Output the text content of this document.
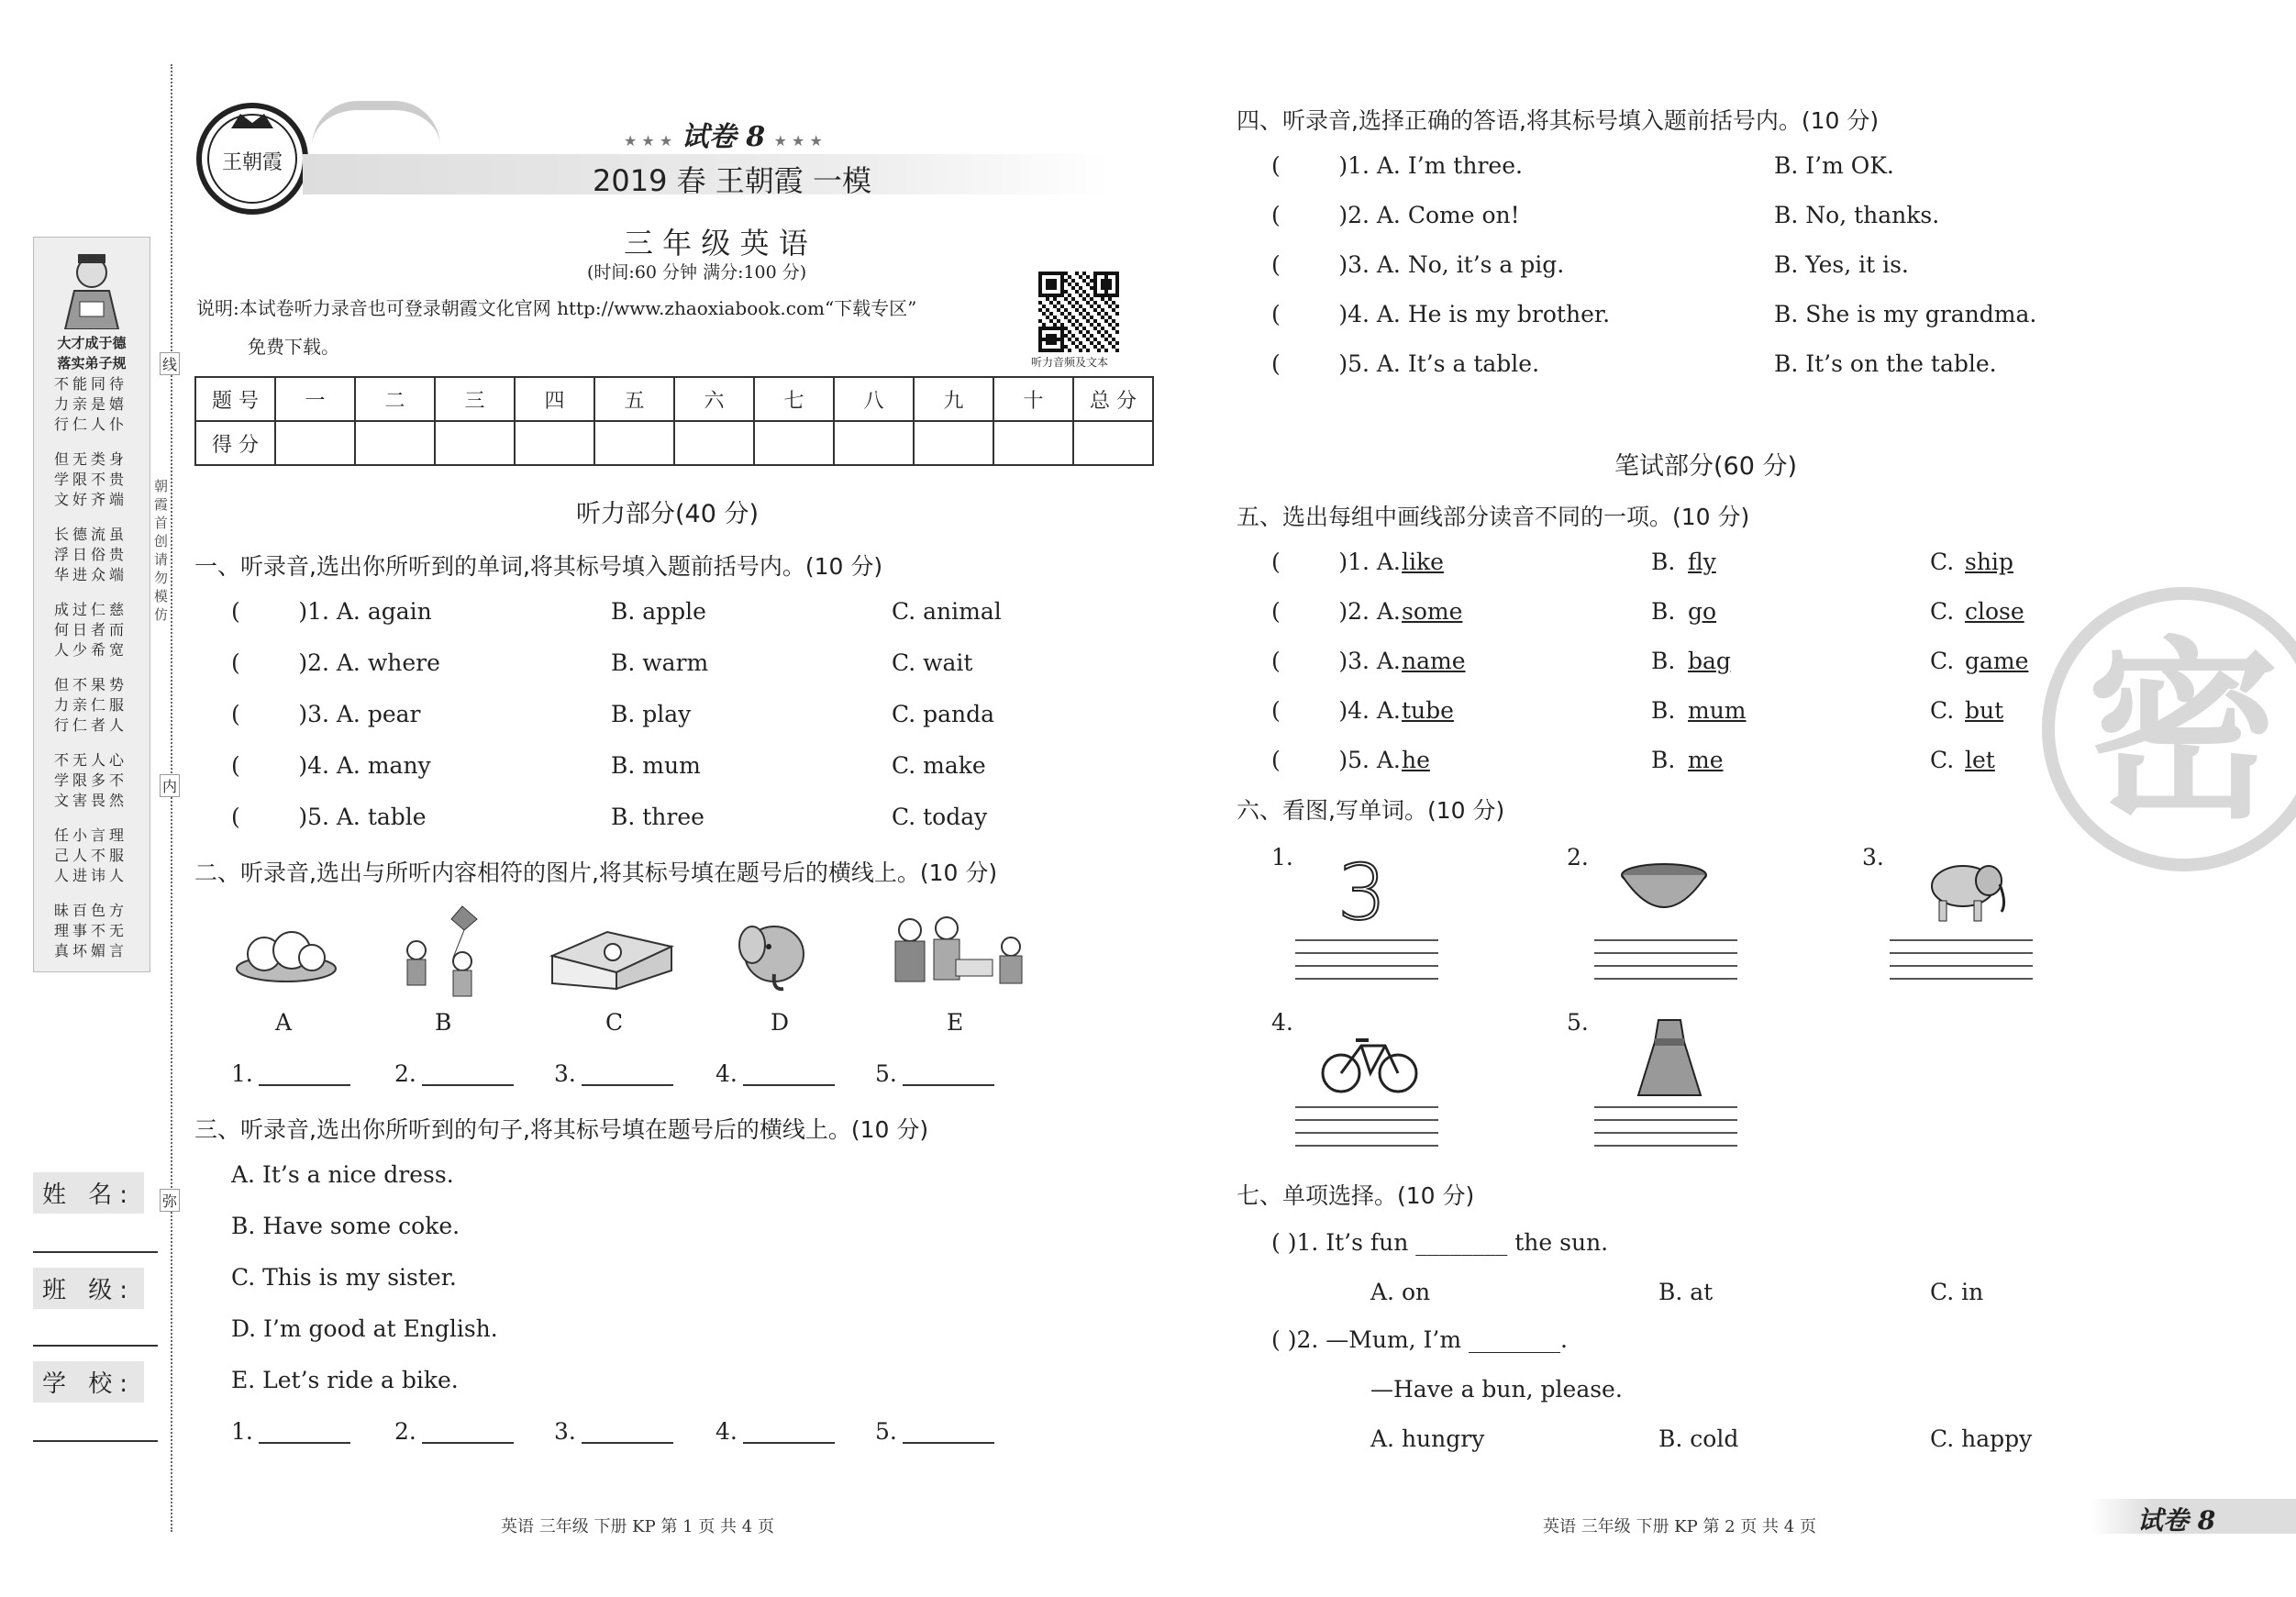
大才成于德
落实弟子规
不能同待
力亲是嬉
行仁人仆
但无类身
学限不贵
文好齐端
长德流虽
浮日俗贵
华进众端
成过仁慈
何日者而
人少希宽
但不果势
力亲仁服
行仁者人
不无人心
学限多不
文害畏然
任小言理
己人不服
人进讳人
昧百色方
理事不无
真坏媚言
线
朝霞首创 请勿模仿
内
弥
姓 名:
班 级:
学 校:
王朝霞
★ ★ ★ 试卷 8 ★ ★ ★
2019 春 王朝霞 一模
三 年 级 英 语
(时间:60 分钟 满分:100 分)
说明:本试卷听力录音也可登录朝霞文化官网 http://www.zhaoxiabook.com“下载专区”
免费下载。
听力音频及文本
题 号	一	二	三	四	五	六	七	八	九	十	总 分
得 分											
听力部分(40 分)
一、听录音,选出你所听到的单词,将其标号填入题前括号内。(10 分)
(        )1. A. again	B. apple	C. animal
(        )2. A. where	B. warm	C. wait
(        )3. A. pear	B. play	C. panda
(        )4. A. many	B. mum	C. make
(        )5. A. table	B. three	C. today
二、听录音,选出与所听内容相符的图片,将其标号填在题号后的横线上。(10 分)
A	B	C	D	E
1.	2.	3.	4.	5.
三、听录音,选出你所听到的句子,将其标号填在题号后的横线上。(10 分)
A. It’s a nice dress.
B. Have some coke.
C. This is my sister.
D. I’m good at English.
E. Let’s ride a bike.
1.	2.	3.	4.	5.
英语 三年级 下册 KP 第 1 页 共 4 页
四、听录音,选择正确的答语,将其标号填入题前括号内。(10 分)
(        )1. A. I’m three.	B. I’m OK.
(        )2. A. Come on!	B. No, thanks.
(        )3. A. No, it’s a pig.	B. Yes, it is.
(        )4. A. He is my brother.	B. She is my grandma.
(        )5. A. It’s a table.	B. It’s on the table.
笔试部分(60 分)
五、选出每组中画线部分读音不同的一项。(10 分)
(        )1. A. like	B. fly	C. ship
(        )2. A. some	B. go	C. close
(        )3. A. name	B. bag	C. game
(        )4. A. tube	B. mum	C. but
(        )5. A. he	B. me	C. let
六、看图,写单词。(10 分)
1. 3	2.	3.
4.	5.
七、单项选择。(10 分)
( )1. It’s fun ________ the sun.
A. on	B. at	C. in
( )2. —Mum, I’m ________.
—Have a bun, please.
A. hungry	B. cold	C. happy
英语 三年级 下册 KP 第 2 页 共 4 页	试卷 8
密
